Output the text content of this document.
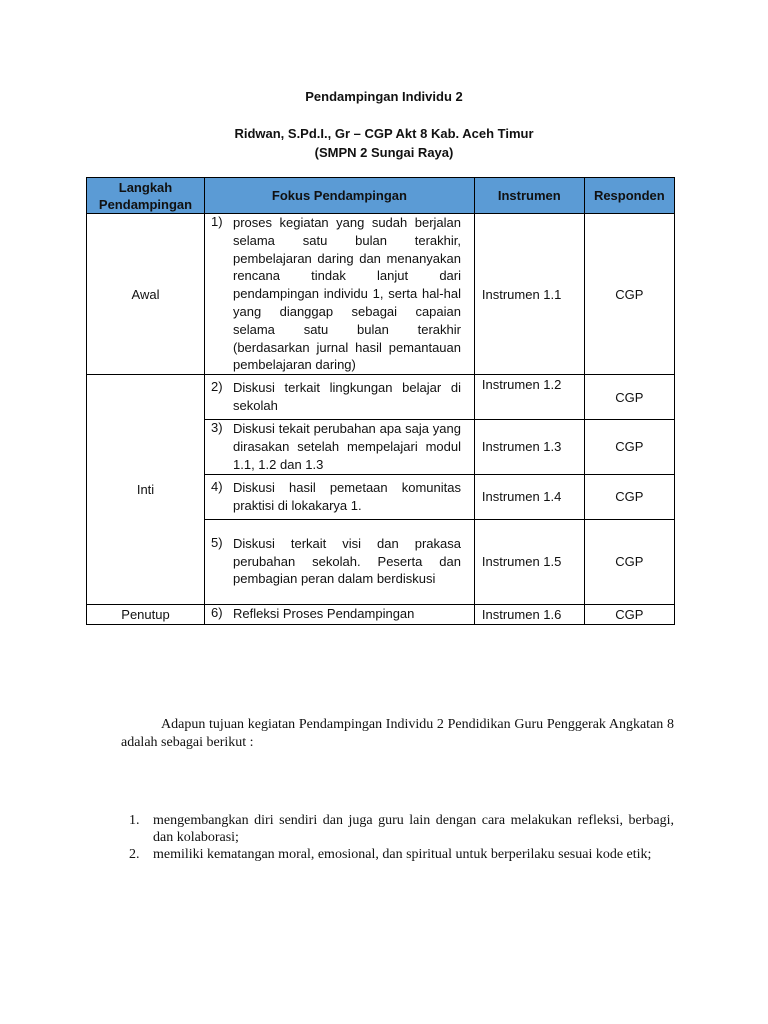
Pendampingan Individu 2
Ridwan, S.Pd.I., Gr – CGP Akt 8 Kab. Aceh Timur
(SMPN 2 Sungai Raya)
Langkah Pendampingan	Fokus Pendampingan	Instrumen	Responden
Awal	1) proses kegiatan yang sudah berjalan selama satu bulan terakhir, pembelajaran daring dan menanyakan rencana tindak lanjut dari pendampingan individu 1, serta hal-hal yang dianggap sebagai capaian selama satu bulan terakhir (berdasarkan jurnal hasil pemantauan pembelajaran daring)	Instrumen 1.1	CGP
Inti	2) Diskusi terkait lingkungan belajar di sekolah	Instrumen 1.2	CGP
	3) Diskusi tekait perubahan apa saja yang dirasakan setelah mempelajari modul 1.1, 1.2 dan 1.3	Instrumen 1.3	CGP
	4) Diskusi hasil pemetaan komunitas praktisi di lokakarya 1.	Instrumen 1.4	CGP
	5) Diskusi terkait visi dan prakasa perubahan sekolah. Peserta dan pembagian peran dalam berdiskusi	Instrumen 1.5	CGP
Penutup	6) Refleksi Proses Pendampingan	Instrumen 1.6	CGP

Adapun tujuan kegiatan Pendampingan Individu 2 Pendidikan Guru Penggerak Angkatan 8 adalah sebagai berikut :

1. mengembangkan diri sendiri dan juga guru lain dengan cara melakukan refleksi, berbagi, dan kolaborasi;
2. memiliki kematangan moral, emosional, dan spiritual untuk berperilaku sesuai kode etik;
